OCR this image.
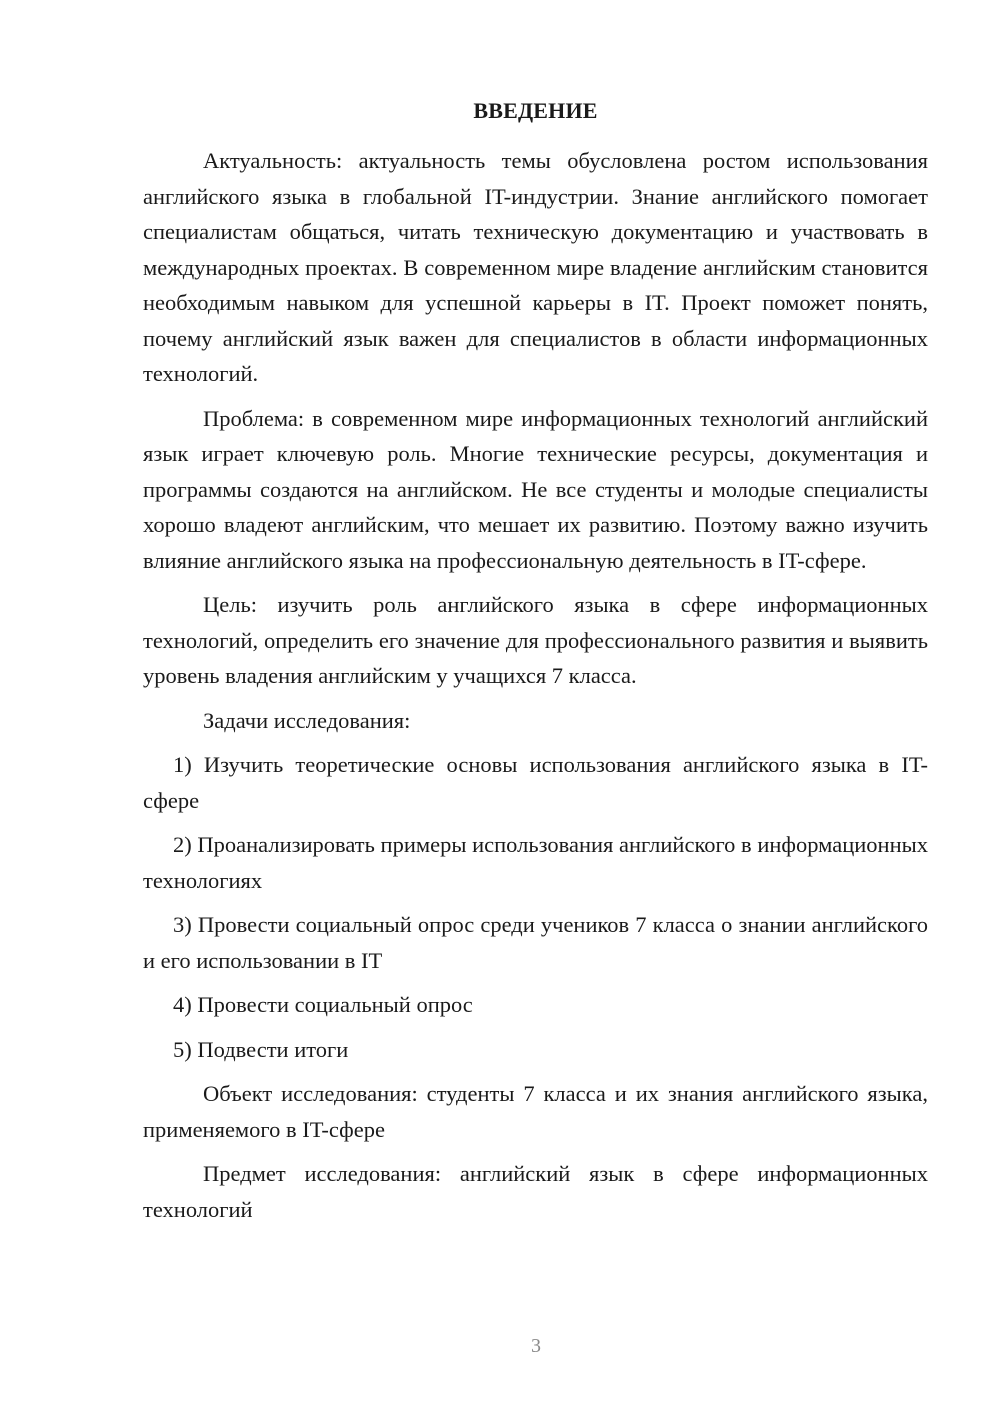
ВВЕДЕНИЕ

Актуальность: актуальность темы обусловлена ростом использования английского языка в глобальной IT-индустрии. Знание английского помогает специалистам общаться, читать техническую документацию и участвовать в международных проектах. В современном мире владение английским становится необходимым навыком для успешной карьеры в IT. Проект поможет понять, почему английский язык важен для специалистов в области информационных технологий.

Проблема: в современном мире информационных технологий английский язык играет ключевую роль. Многие технические ресурсы, документация и программы создаются на английском. Не все студенты и молодые специалисты хорошо владеют английским, что мешает их развитию. Поэтому важно изучить влияние английского языка на профессиональную деятельность в IT-сфере.

Цель: изучить роль английского языка в сфере информационных технологий, определить его значение для профессионального развития и выявить уровень владения английским у учащихся 7 класса.

Задачи исследования:

1) Изучить теоретические основы использования английского языка в IT-сфере

2) Проанализировать примеры использования английского в информационных технологиях

3) Провести социальный опрос среди учеников 7 класса о знании английского и его использовании в IT

4) Провести социальный опрос

5) Подвести итоги

Объект исследования: студенты 7 класса и их знания английского языка, применяемого в IT-сфере

Предмет исследования: английский язык в сфере информационных технологий

3
